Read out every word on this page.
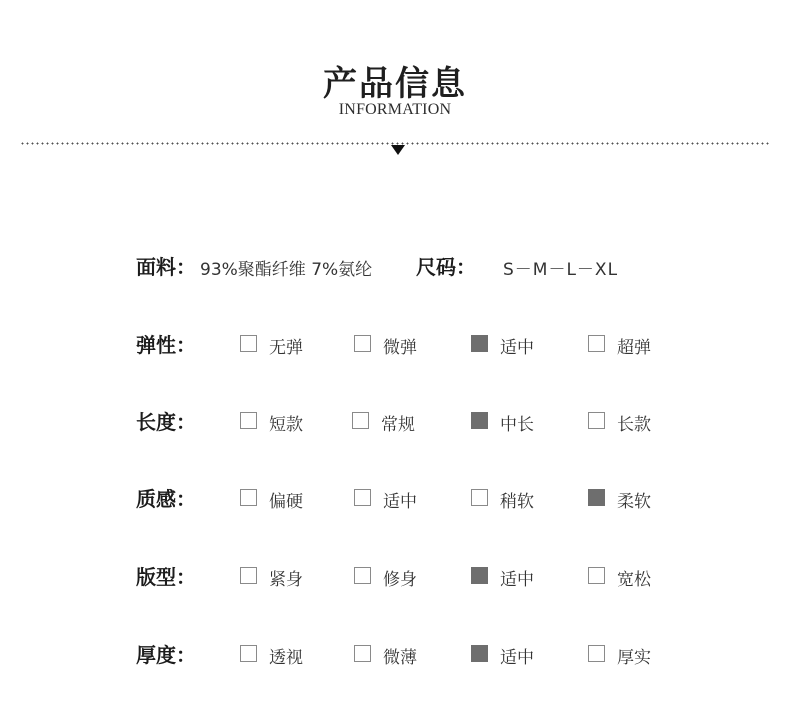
产品信息
INFORMATION
面料： 93%聚酯纤维 7%氨纶 尺码： S－M－L－XL
弹性：	无弹	微弹	适中	超弹
长度：	短款	常规	中长	长款
质感：	偏硬	适中	稍软	柔软
版型：	紧身	修身	适中	宽松
厚度：	透视	微薄	适中	厚实
